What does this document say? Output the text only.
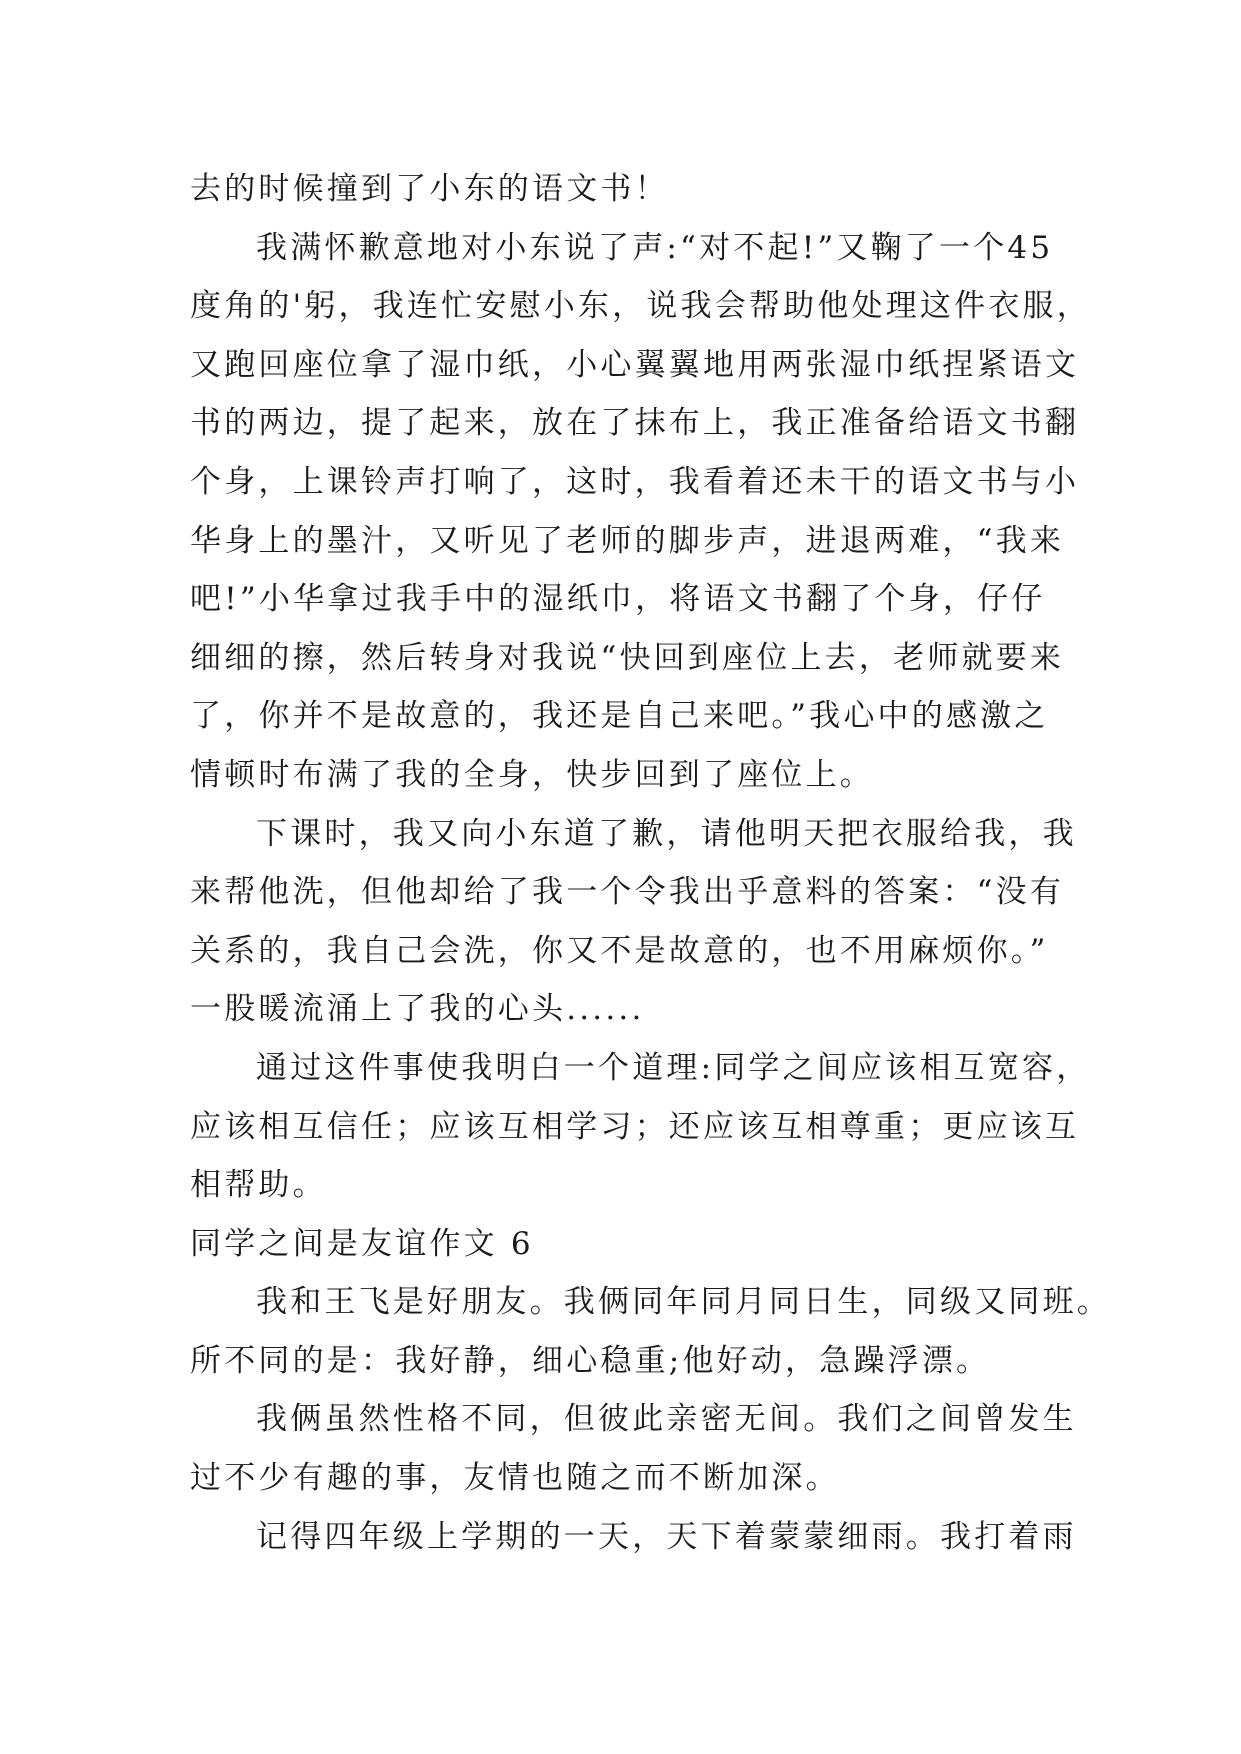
去的时候撞到了小东的语文书！
我满怀歉意地对小东说了声:“对不起!”又鞠了一个45
度角的'躬，我连忙安慰小东，说我会帮助他处理这件衣服，
又跑回座位拿了湿巾纸，小心翼翼地用两张湿巾纸捏紧语文
书的两边，提了起来，放在了抹布上，我正准备给语文书翻
个身，上课铃声打响了，这时，我看着还未干的语文书与小
华身上的墨汁，又听见了老师的脚步声，进退两难，“我来
吧!”小华拿过我手中的湿纸巾，将语文书翻了个身，仔仔
细细的擦，然后转身对我说“快回到座位上去，老师就要来
了，你并不是故意的，我还是自己来吧。”我心中的感激之
情顿时布满了我的全身，快步回到了座位上。
下课时，我又向小东道了歉，请他明天把衣服给我，我
来帮他洗，但他却给了我一个令我出乎意料的答案：“没有
关系的，我自己会洗，你又不是故意的，也不用麻烦你。”
一股暖流涌上了我的心头......
通过这件事使我明白一个道理:同学之间应该相互宽容，
应该相互信任；应该互相学习；还应该互相尊重；更应该互
相帮助。
同学之间是友谊作文 6
我和王飞是好朋友。我俩同年同月同日生，同级又同班。
所不同的是：我好静，细心稳重;他好动，急躁浮漂。
我俩虽然性格不同，但彼此亲密无间。我们之间曾发生
过不少有趣的事，友情也随之而不断加深。
记得四年级上学期的一天，天下着蒙蒙细雨。我打着雨
